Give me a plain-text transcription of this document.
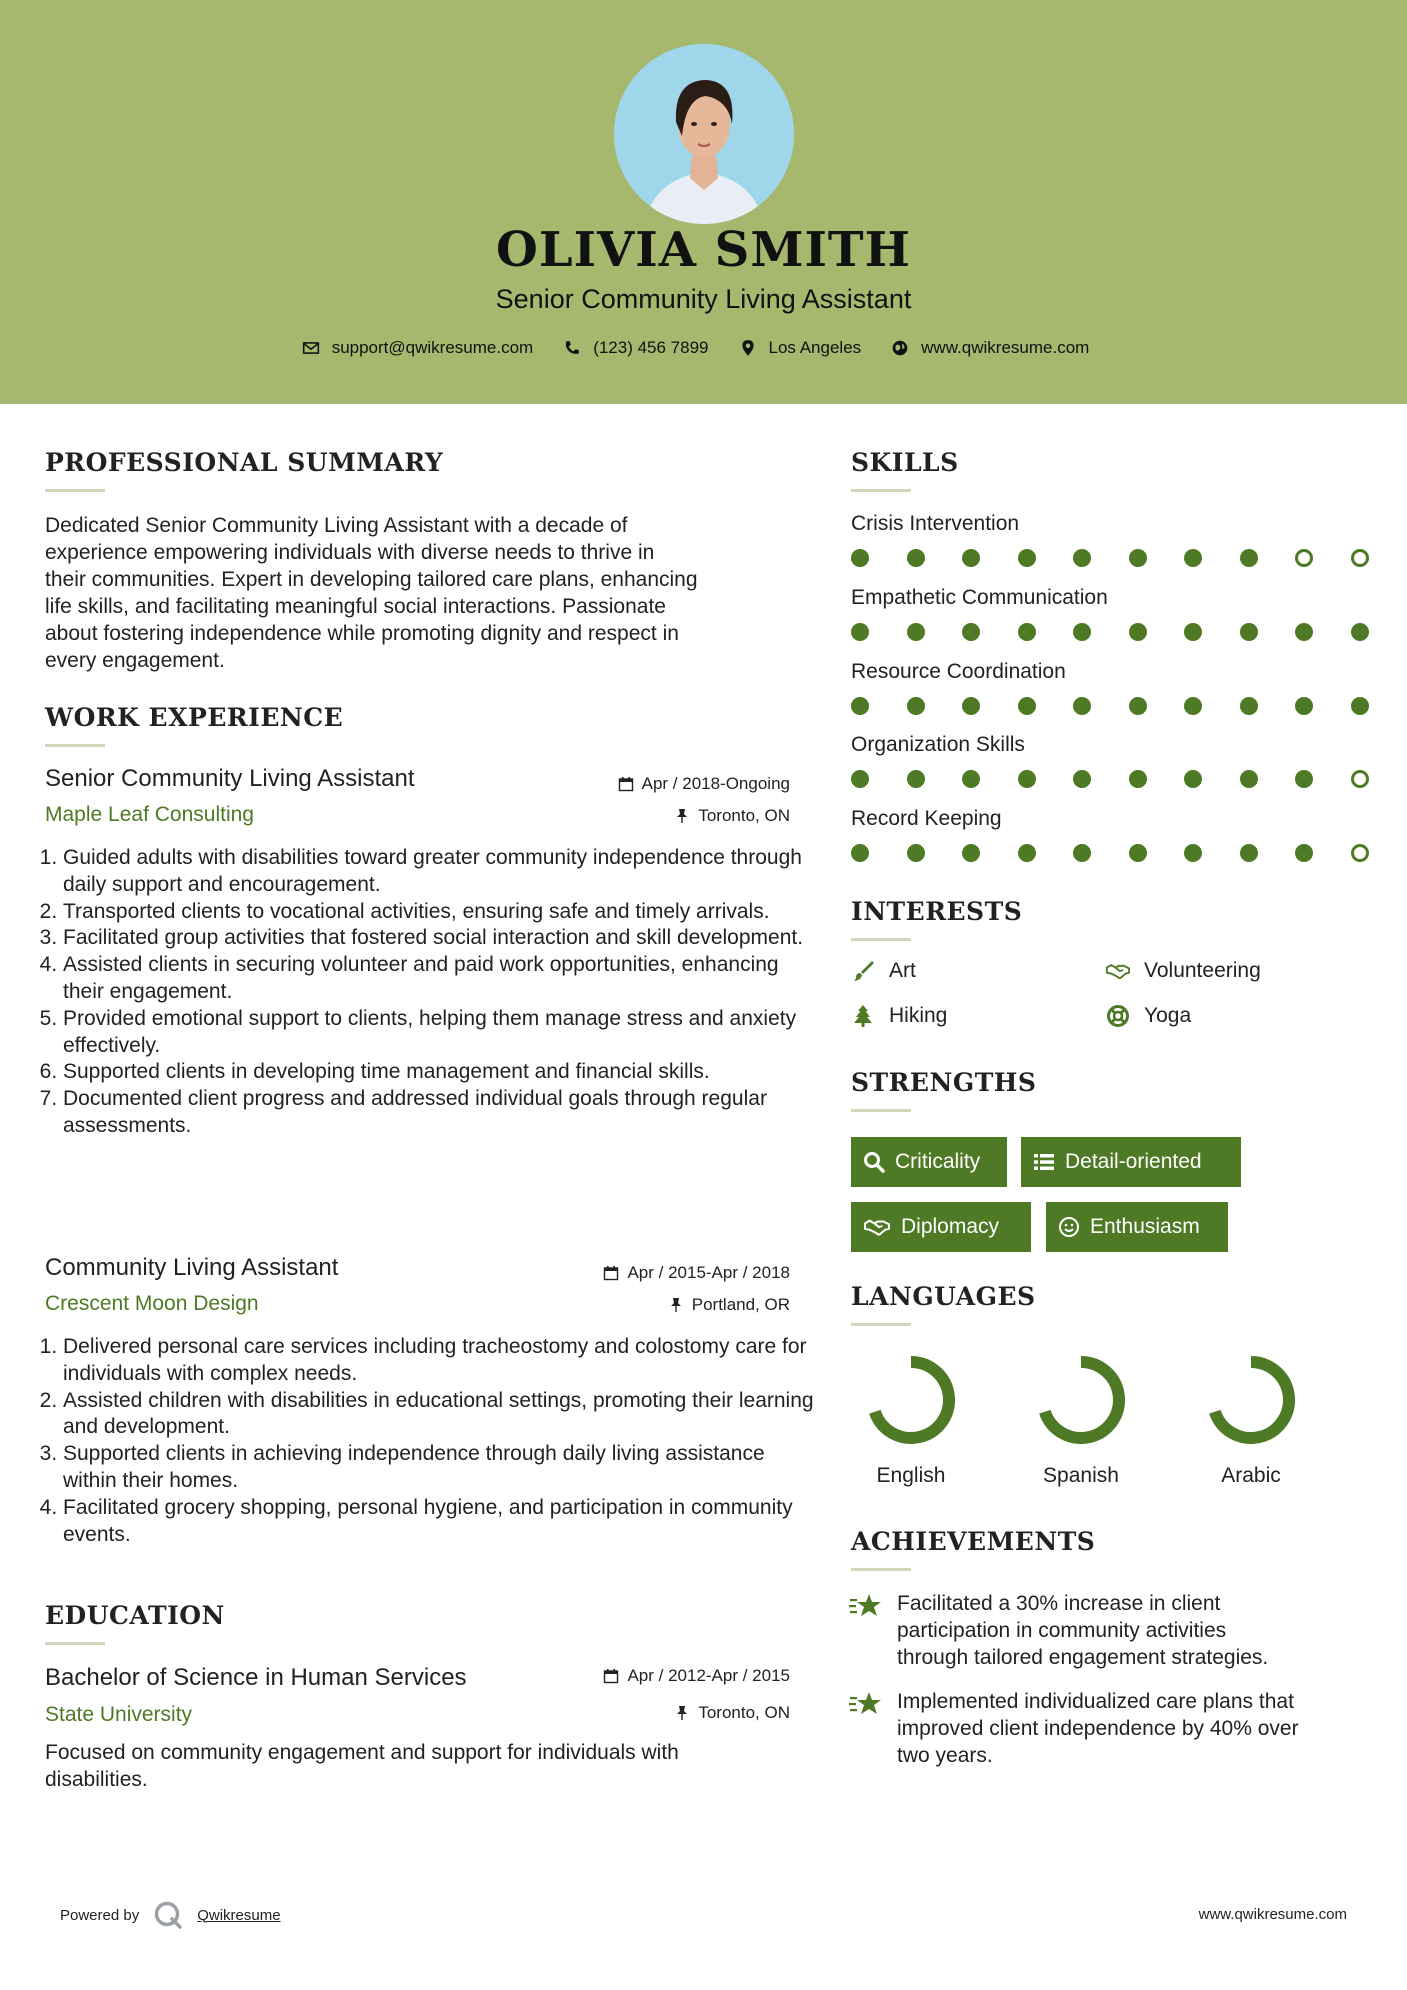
OLIVIA SMITH
Senior Community Living Assistant
support@qwikresume.com	(123) 456 7899	Los Angeles	www.qwikresume.com
PROFESSIONAL SUMMARY
Dedicated Senior Community Living Assistant with a decade of
experience empowering individuals with diverse needs to thrive in
their communities. Expert in developing tailored care plans, enhancing
life skills, and facilitating meaningful social interactions. Passionate
about fostering independence while promoting dignity and respect in
every engagement.
WORK EXPERIENCE
Senior Community Living Assistant
Maple Leaf Consulting
Apr / 2018-Ongoing
Toronto, ON
1. Guided adults with disabilities toward greater community independence through daily support and encouragement.
2. Transported clients to vocational activities, ensuring safe and timely arrivals.
3. Facilitated group activities that fostered social interaction and skill development.
4. Assisted clients in securing volunteer and paid work opportunities, enhancing their engagement.
5. Provided emotional support to clients, helping them manage stress and anxiety effectively.
6. Supported clients in developing time management and financial skills.
7. Documented client progress and addressed individual goals through regular assessments.
Community Living Assistant
Crescent Moon Design
Apr / 2015-Apr / 2018
Portland, OR
1. Delivered personal care services including tracheostomy and colostomy care for individuals with complex needs.
2. Assisted children with disabilities in educational settings, promoting their learning and development.
3. Supported clients in achieving independence through daily living assistance within their homes.
4. Facilitated grocery shopping, personal hygiene, and participation in community events.
EDUCATION
Bachelor of Science in Human Services
State University
Apr / 2012-Apr / 2015
Toronto, ON
Focused on community engagement and support for individuals with
disabilities.
SKILLS
Crisis Intervention
Empathetic Communication
Resource Coordination
Organization Skills
Record Keeping
INTERESTS
Art	Volunteering
Hiking	Yoga
STRENGTHS
Criticality	Detail-oriented
Diplomacy	Enthusiasm
LANGUAGES
English	Spanish	Arabic
ACHIEVEMENTS
Facilitated a 30% increase in client
participation in community activities
through tailored engagement strategies.
Implemented individualized care plans that
improved client independence by 40% over
two years.
Powered by	Qwikresume	www.qwikresume.com
